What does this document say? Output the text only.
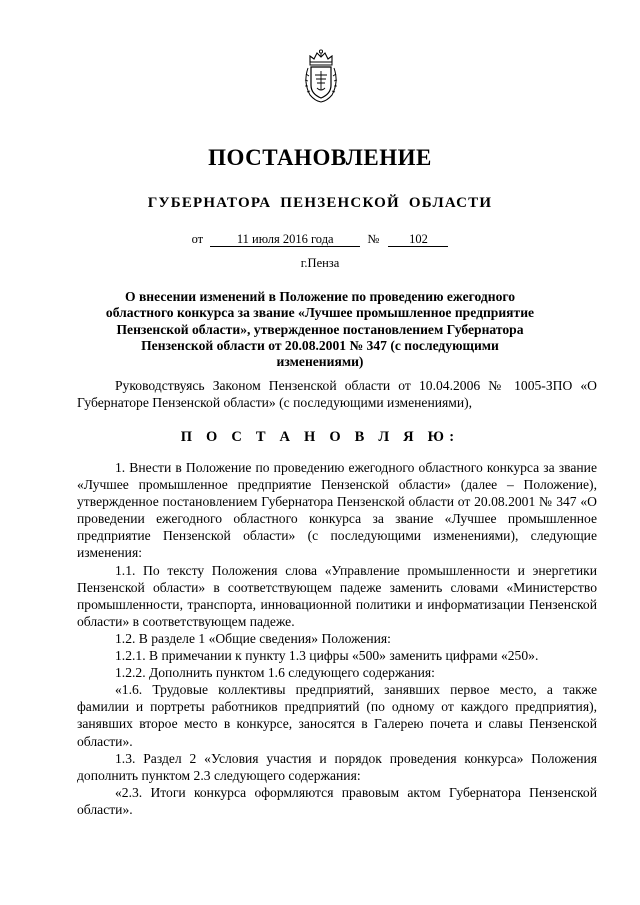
ПОСТАНОВЛЕНИЕ
ГУБЕРНАТОРА ПЕНЗЕНСКОЙ ОБЛАСТИ
от	11 июля 2016 года	№ 102
г.Пенза
О внесении изменений в Положение по проведению ежегодного областного конкурса за звание «Лучшее промышленное предприятие Пензенской области», утвержденное постановлением Губернатора Пензенской области от 20.08.2001 № 347 (с последующими изменениями)
Руководствуясь Законом Пензенской области от 10.04.2006 № 1005-ЗПО «О Губернаторе Пензенской области» (с последующими изменениями),
П О С Т А Н О В Л Я Ю:

1. Внести в Положение по проведению ежегодного областного конкурса за звание «Лучшее промышленное предприятие Пензенской области» (далее – Положение), утвержденное постановлением Губернатора Пензенской области от 20.08.2001 № 347 «О проведении ежегодного областного конкурса за звание «Лучшее промышленное предприятие Пензенской области» (с последующими изменениями), следующие изменения:

1.1. По тексту Положения слова «Управление промышленности и энергетики Пензенской области» в соответствующем падеже заменить словами «Министерство промышленности, транспорта, инновационной политики и информатизации Пензенской области» в соответствующем падеже.

1.2. В разделе 1 «Общие сведения» Положения:

1.2.1. В примечании к пункту 1.3 цифры «500» заменить цифрами «250».

1.2.2. Дополнить пунктом 1.6 следующего содержания:

«1.6. Трудовые коллективы предприятий, занявших первое место, а также фамилии и портреты работников предприятий (по одному от каждого предприятия), занявших второе место в конкурсе, заносятся в Галерею почета и славы Пензенской области».

1.3. Раздел 2 «Условия участия и порядок проведения конкурса» Положения дополнить пунктом 2.3 следующего содержания:

«2.3. Итоги конкурса оформляются правовым актом Губернатора Пензенской области».
